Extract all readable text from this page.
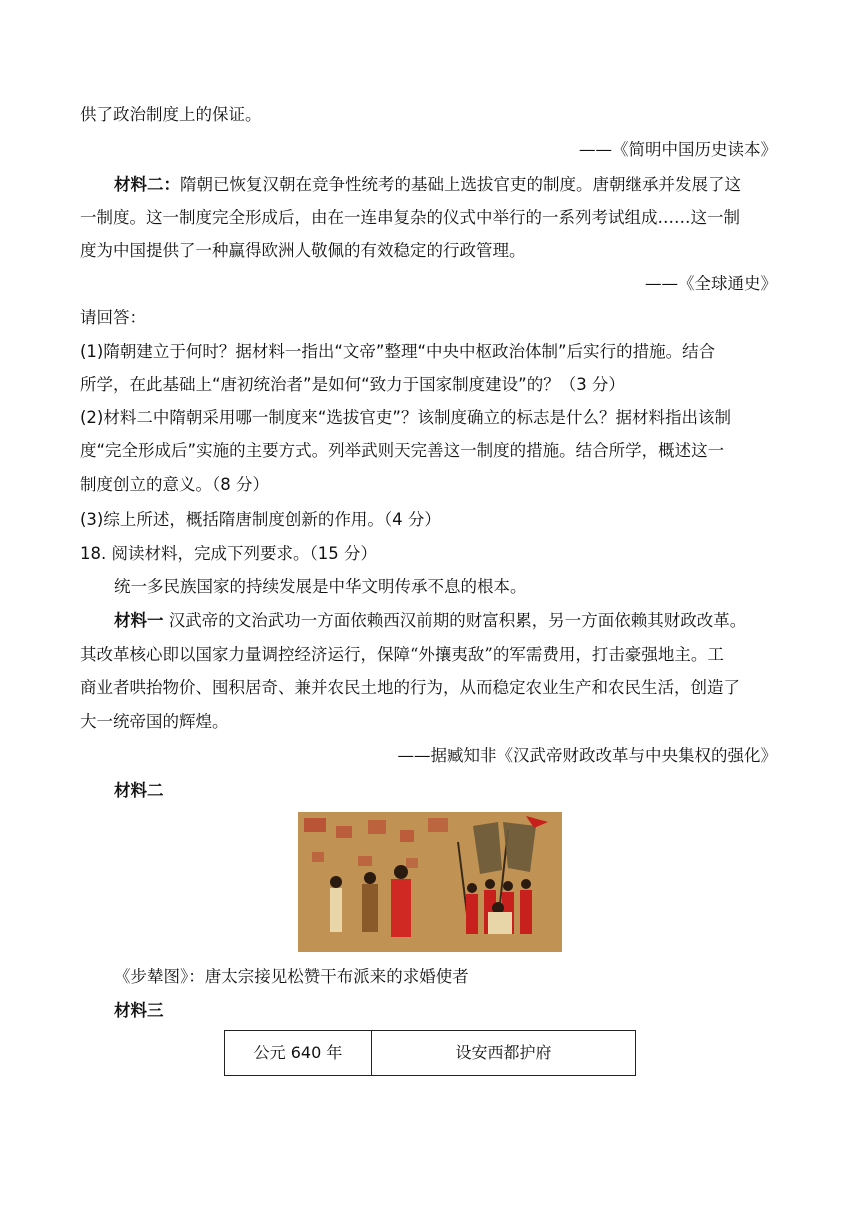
供了政治制度上的保证。
——《简明中国历史读本》
材料二：隋朝已恢复汉朝在竞争性统考的基础上选拔官吏的制度。唐朝继承并发展了这
一制度。这一制度完全形成后，由在一连串复杂的仪式中举行的一系列考试组成……这一制
度为中国提供了一种赢得欧洲人敬佩的有效稳定的行政管理。
——《全球通史》
请回答：
(1)隋朝建立于何时？据材料一指出“文帝”整理“中央中枢政治体制”后实行的措施。结合
所学，在此基础上“唐初统治者”是如何“致力于国家制度建设”的？（3 分）
(2)材料二中隋朝采用哪一制度来“选拔官吏”？该制度确立的标志是什么？据材料指出该制
度“完全形成后”实施的主要方式。列举武则天完善这一制度的措施。结合所学，概述这一
制度创立的意义。（8 分）
(3)综上所述，概括隋唐制度创新的作用。（4 分）
18. 阅读材料，完成下列要求。（15 分）
统一多民族国家的持续发展是中华文明传承不息的根本。
材料一 汉武帝的文治武功一方面依赖西汉前期的财富积累，另一方面依赖其财政改革。
其改革核心即以国家力量调控经济运行，保障“外攘夷敌”的军需费用，打击豪强地主。工
商业者哄抬物价、囤积居奇、兼并农民土地的行为，从而稳定农业生产和农民生活，创造了
大一统帝国的辉煌。
——据臧知非《汉武帝财政改革与中央集权的强化》
材料二
《步辇图》：唐太宗接见松赞干布派来的求婚使者
材料三
公元 640 年	设安西都护府
